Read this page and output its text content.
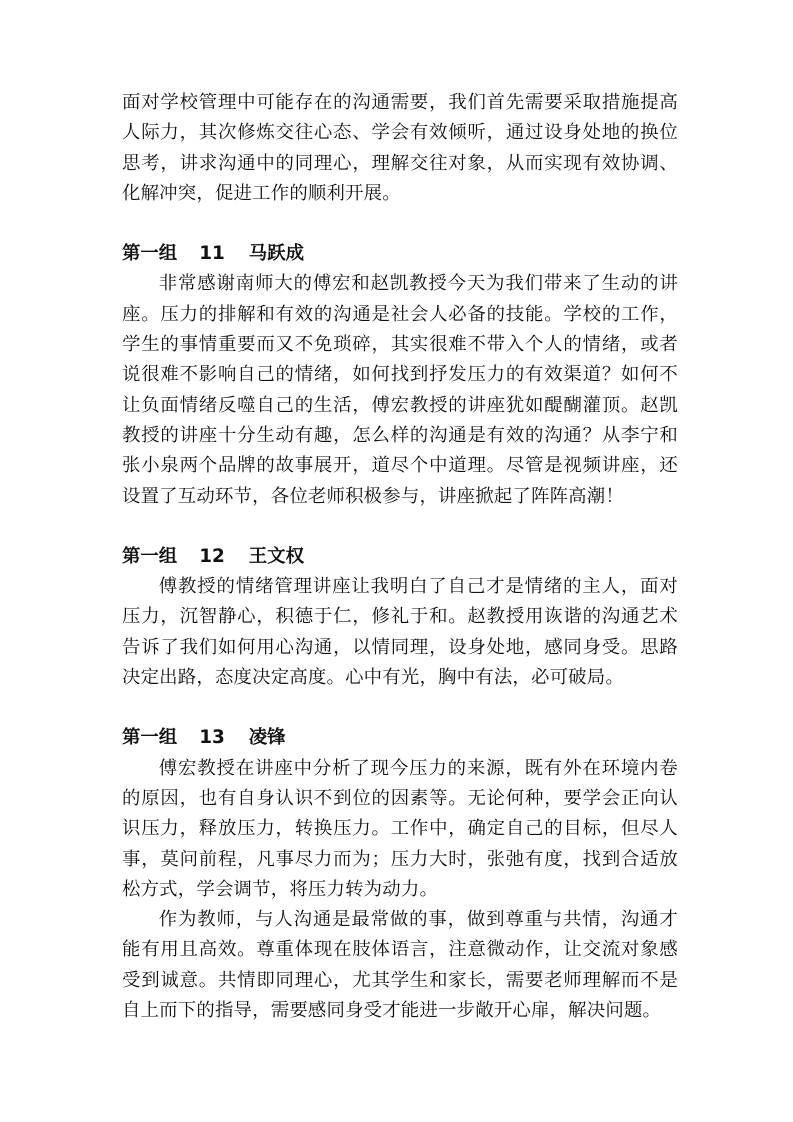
面对学校管理中可能存在的沟通需要，我们首先需要采取措施提高人际力，其次修炼交往心态、学会有效倾听，通过设身处地的换位思考，讲求沟通中的同理心，理解交往对象，从而实现有效协调、化解冲突，促进工作的顺利开展。

第一组 11 马跃成

非常感谢南师大的傅宏和赵凯教授今天为我们带来了生动的讲座。压力的排解和有效的沟通是社会人必备的技能。学校的工作，学生的事情重要而又不免琐碎，其实很难不带入个人的情绪，或者说很难不影响自己的情绪，如何找到抒发压力的有效渠道？如何不让负面情绪反噬自己的生活，傅宏教授的讲座犹如醍醐灌顶。赵凯教授的讲座十分生动有趣，怎么样的沟通是有效的沟通？从李宁和张小泉两个品牌的故事展开，道尽个中道理。尽管是视频讲座，还设置了互动环节，各位老师积极参与，讲座掀起了阵阵高潮！

第一组 12 王文权

傅教授的情绪管理讲座让我明白了自己才是情绪的主人，面对压力，沉智静心，积德于仁，修礼于和。赵教授用诙谐的沟通艺术告诉了我们如何用心沟通，以情同理，设身处地，感同身受。思路决定出路，态度决定高度。心中有光，胸中有法，必可破局。

第一组 13 凌锋

傅宏教授在讲座中分析了现今压力的来源，既有外在环境内卷的原因，也有自身认识不到位的因素等。无论何种，要学会正向认识压力，释放压力，转换压力。工作中，确定自己的目标，但尽人事，莫问前程，凡事尽力而为；压力大时，张弛有度，找到合适放松方式，学会调节，将压力转为动力。

作为教师，与人沟通是最常做的事，做到尊重与共情，沟通才能有用且高效。尊重体现在肢体语言，注意微动作，让交流对象感受到诚意。共情即同理心，尤其学生和家长，需要老师理解而不是自上而下的指导，需要感同身受才能进一步敞开心扉，解决问题。
